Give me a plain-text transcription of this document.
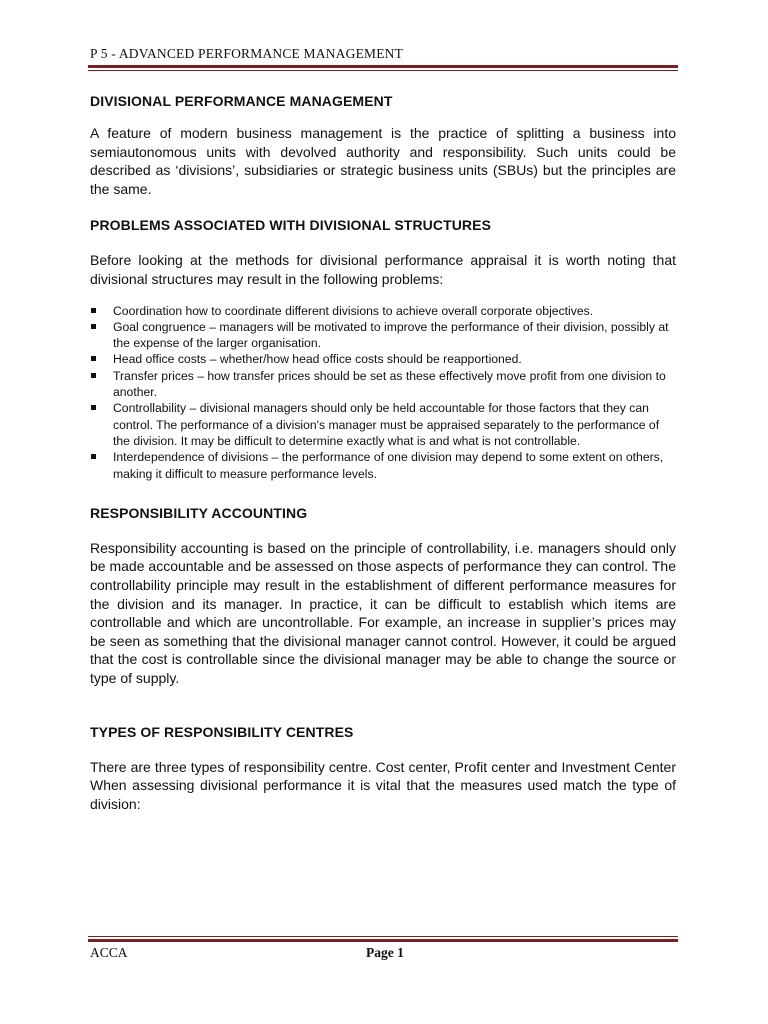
P 5 - ADVANCED PERFORMANCE MANAGEMENT
DIVISIONAL PERFORMANCE MANAGEMENT

A feature of modern business management is the practice of splitting a business into semiautonomous units with devolved authority and responsibility. Such units could be described as ‘divisions’, subsidiaries or strategic business units (SBUs) but the principles are the same.

PROBLEMS ASSOCIATED WITH DIVISIONAL STRUCTURES

Before looking at the methods for divisional performance appraisal it is worth noting that divisional structures may result in the following problems:

Coordination how to coordinate different divisions to achieve overall corporate objectives.
Goal congruence – managers will be motivated to improve the performance of their division, possibly at the expense of the larger organisation.
Head office costs – whether/how head office costs should be reapportioned.
Transfer prices – how transfer prices should be set as these effectively move profit from one division to another.
Controllability – divisional managers should only be held accountable for those factors that they can control. The performance of a division's manager must be appraised separately to the performance of the division. It may be difficult to determine exactly what is and what is not controllable.
Interdependence of divisions – the performance of one division may depend to some extent on others, making it difficult to measure performance levels.
RESPONSIBILITY ACCOUNTING

Responsibility accounting is based on the principle of controllability, i.e. managers should only be made accountable and be assessed on those aspects of performance they can control. The controllability principle may result in the establishment of different performance measures for the division and its manager. In practice, it can be difficult to establish which items are controllable and which are uncontrollable. For example, an increase in supplier’s prices may be seen as something that the divisional manager cannot control. However, it could be argued that the cost is controllable since the divisional manager may be able to change the source or type of supply.

TYPES OF RESPONSIBILITY CENTRES

There are three types of responsibility centre. Cost center, Profit center and Investment Center When assessing divisional performance it is vital that the measures used match the type of division:

ACCA	Page 1
